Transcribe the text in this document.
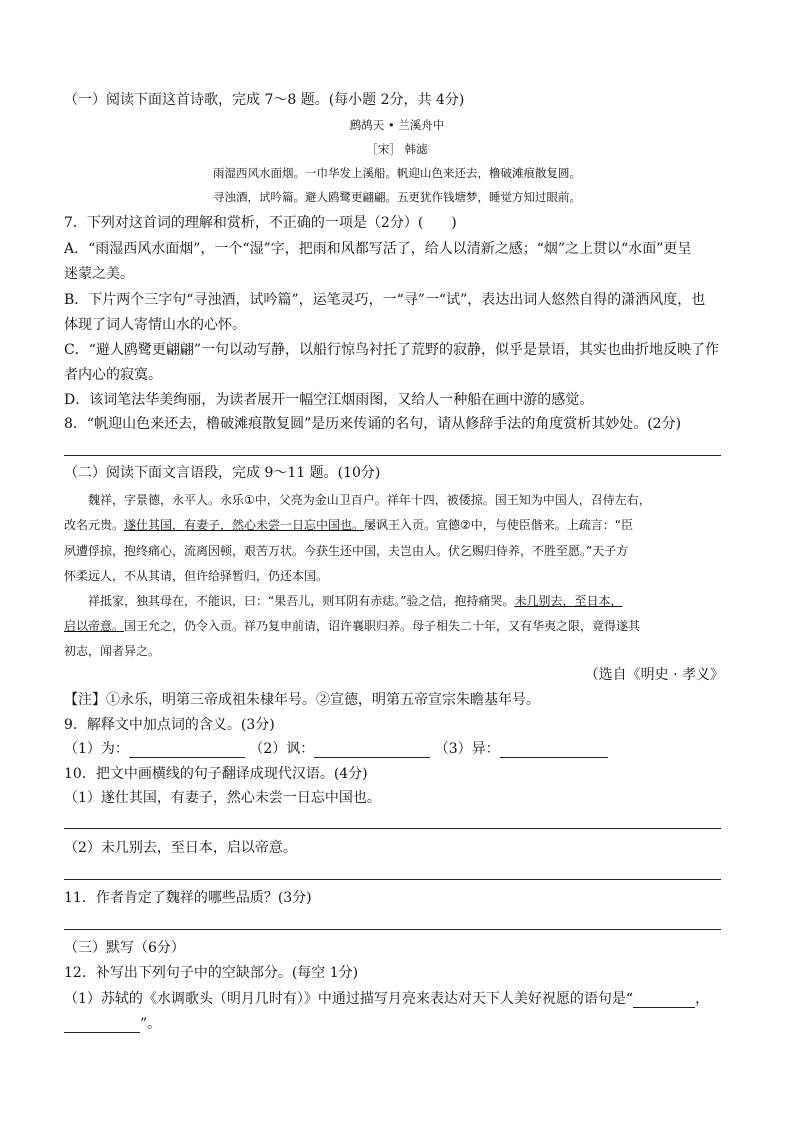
（一）阅读下面这首诗歌，完成 7～8 题。(每小题 2分，共 4分)
鹧鸪天 • 兰溪舟中
［宋］ 韩滤
雨湿西风水面烟。一巾华发上溪船。帆迎山色来还去，橹破滩痕散复圆。
寻浊酒，试吟篇。避人鸥鹭更翩翩。五更犹作钱塘梦，睡觉方知过眼前。
7．下列对这首词的理解和赏析，不正确的一项是（2分）(　　)
A．“雨湿西风水面烟”，一个“湿”字，把雨和风都写活了，给人以清新之感；“烟”之上贯以“水面”更呈
迷蒙之美。
B．下片两个三字句“寻浊酒，试吟篇”，运笔灵巧，一“寻”一“试”，表达出词人悠然自得的潇洒风度，也
体现了词人寄情山水的心怀。
C．“避人鸥鹭更翩翩”一句以动写静，以船行惊鸟衬托了荒野的寂静，似乎是景语，其实也曲折地反映了作
者内心的寂寞。
D．该词笔法华美绚丽，为读者展开一幅空江烟雨图，又给人一种船在画中游的感觉。
8．“帆迎山色来还去，橹破滩痕散复圆”是历来传诵的名句，请从修辞手法的角度赏析其妙处。(2分)
（二）阅读下面文言语段，完成 9～11 题。(10分)
　　魏祥，字景德，永平人。永乐①中，父亮为金山卫百户。祥年十四，被倭掠。国王知为中国人，召侍左右，
改名元贵。遂仕其国，有妻子，然心未尝一日忘中国也。屡讽王入贡。宣德②中，与使臣偕来。上疏言：“臣
夙遭俘掠，抱终痛心，流离因顿，艰苦万状。今获生还中国，夫岂由人。伏乞赐归侍养，不胜至愿。”天子方
怀柔远人，不从其请，但许给驿暂归，仍还本国。
　　祥抵家，独其母在，不能识，曰：“果吾儿，则耳阴有赤痣。”验之信，抱持痛哭。未几别去，至日本，
启以帝意。国王允之，仍令入贡。祥乃复申前请，诏许襄职归养。母子相失二十年，又有华夷之限，竟得遂其
初志，闻者异之。
（选自《明史 · 孝义》
【注】①永乐，明第三帝成祖朱棣年号。②宣德，明第五帝宣宗朱瞻基年号。
9．解释文中加点词的含义。(3分)
（1）为：	（2）讽：	（3）异：
10．把文中画横线的句子翻译成现代汉语。(4分)
（1）遂仕其国，有妻子，然心未尝一日忘中国也。
（2）未几别去，至日本，启以帝意。
11．作者肯定了魏祥的哪些品质？(3分)
（三）默写（6分）
12．补写出下列句子中的空缺部分。(每空 1分)
（1）苏轼的《水调歌头（明月几时有）》中通过描写月亮来表达对天下人美好祝愿的语句是“	，
”。
